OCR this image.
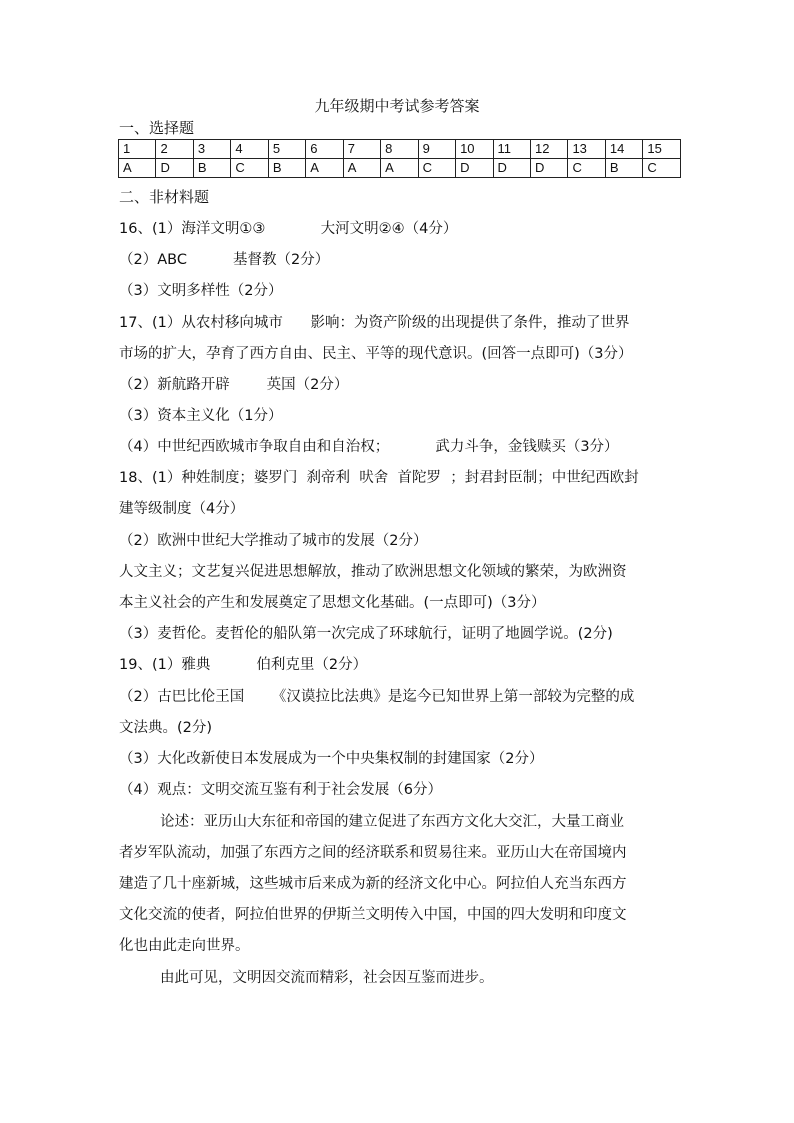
九年级期中考试参考答案
一、选择题
1	2	3	4	5	6	7	8	9	10	11	12	13	14	15
A	D	B	C	B	A	A	A	C	D	D	D	C	B	C
二、非材料题
16、(1）海洋文明①③            大河文明②④（4分）
（2）ABC          基督教（2分）
（3）文明多样性（2分）
17、(1）从农村移向城市      影响：为资产阶级的出现提供了条件，推动了世界
市场的扩大，孕育了西方自由、民主、平等的现代意识。(回答一点即可)（3分）
（2）新航路开辟        英国（2分）
（3）资本主义化（1分）
（4）中世纪西欧城市争取自由和自治权；          武力斗争，金钱赎买（3分）
18、(1）种姓制度；婆罗门  刹帝利  吠舍  首陀罗  ；封君封臣制；中世纪西欧封
建等级制度（4分）
（2）欧洲中世纪大学推动了城市的发展（2分）
人文主义；文艺复兴促进思想解放，推动了欧洲思想文化领域的繁荣，为欧洲资
本主义社会的产生和发展奠定了思想文化基础。(一点即可)（3分）
（3）麦哲伦。麦哲伦的船队第一次完成了环球航行，证明了地圆学说。(2分)
19、(1）雅典          伯利克里（2分）
（2）古巴比伦王国      《汉谟拉比法典》是迄今已知世界上第一部较为完整的成
文法典。(2分)
（3）大化改新使日本发展成为一个中央集权制的封建国家（2分）
（4）观点：文明交流互鉴有利于社会发展（6分）
论述：亚历山大东征和帝国的建立促进了东西方文化大交汇，大量工商业
者岁军队流动，加强了东西方之间的经济联系和贸易往来。亚历山大在帝国境内
建造了几十座新城，这些城市后来成为新的经济文化中心。阿拉伯人充当东西方
文化交流的使者，阿拉伯世界的伊斯兰文明传入中国，中国的四大发明和印度文
化也由此走向世界。
由此可见，文明因交流而精彩，社会因互鉴而进步。
